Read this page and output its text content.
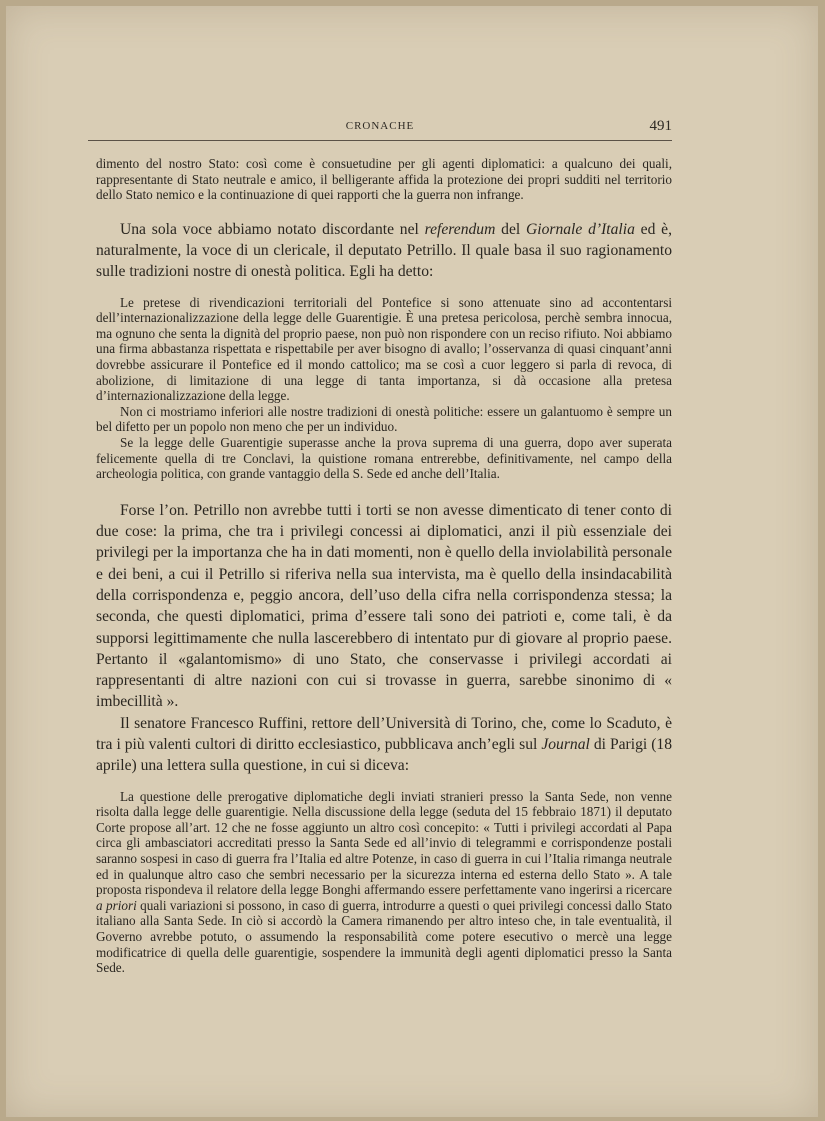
CRONACHE	491

dimento del nostro Stato: così come è consuetudine per gli agenti diplomatici: a qualcuno dei quali, rappresentante di Stato neutrale e amico, il belligerante affida la protezione dei propri sudditi nel territorio dello Stato nemico e la continuazione di quei rapporti che la guerra non infrange.

Una sola voce abbiamo notato discordante nel referendum del Giornale d’Italia ed è, naturalmente, la voce di un clericale, il deputato Petrillo. Il quale basa il suo ragionamento sulle tradizioni nostre di onestà politica. Egli ha detto:

Le pretese di rivendicazioni territoriali del Pontefice si sono attenuate sino ad accontentarsi dell’internazionalizzazione della legge delle Guarentigie. È una pretesa pericolosa, perchè sembra innocua, ma ognuno che senta la dignità del proprio paese, non può non rispondere con un reciso rifiuto. Noi abbiamo una firma abbastanza rispettata e rispettabile per aver bisogno di avallo; l’osservanza di quasi cinquant’anni dovrebbe assicurare il Pontefice ed il mondo cattolico; ma se così a cuor leggero si parla di revoca, di abolizione, di limitazione di una legge di tanta importanza, si dà occasione alla pretesa d’internazionalizzazione della legge.

Non ci mostriamo inferiori alle nostre tradizioni di onestà politiche: essere un galantuomo è sempre un bel difetto per un popolo non meno che per un individuo.

Se la legge delle Guarentigie superasse anche la prova suprema di una guerra, dopo aver superata felicemente quella di tre Conclavi, la quistione romana entrerebbe, definitivamente, nel campo della archeologia politica, con grande vantaggio della S. Sede ed anche dell’Italia.

Forse l’on. Petrillo non avrebbe tutti i torti se non avesse dimenticato di tener conto di due cose: la prima, che tra i privilegi concessi ai diplomatici, anzi il più essenziale dei privilegi per la importanza che ha in dati momenti, non è quello della inviolabilità personale e dei beni, a cui il Petrillo si riferiva nella sua intervista, ma è quello della insindacabilità della corrispondenza e, peggio ancora, dell’uso della cifra nella corrispondenza stessa; la seconda, che questi diplomatici, prima d’essere tali sono dei patrioti e, come tali, è da supporsi legittimamente che nulla lascerebbero di intentato pur di giovare al proprio paese. Pertanto il «galantomismo» di uno Stato, che conservasse i privilegi accordati ai rappresentanti di altre nazioni con cui si trovasse in guerra, sarebbe sinonimo di « imbecillità ».

Il senatore Francesco Ruffini, rettore dell’Università di Torino, che, come lo Scaduto, è tra i più valenti cultori di diritto ecclesiastico, pubblicava anch’egli sul Journal di Parigi (18 aprile) una lettera sulla questione, in cui si diceva:

La questione delle prerogative diplomatiche degli inviati stranieri presso la Santa Sede, non venne risolta dalla legge delle guarentigie. Nella discussione della legge (seduta del 15 febbraio 1871) il deputato Corte propose all’art. 12 che ne fosse aggiunto un altro così concepito: « Tutti i privilegi accordati al Papa circa gli ambasciatori accreditati presso la Santa Sede ed all’invio di telegrammi e corrispondenze postali saranno sospesi in caso di guerra fra l’Italia ed altre Potenze, in caso di guerra in cui l’Italia rimanga neutrale ed in qualunque altro caso che sembri necessario per la sicurezza interna ed esterna dello Stato ». A tale proposta rispondeva il relatore della legge Bonghi affermando essere perfettamente vano ingerirsi a ricercare a priori quali variazioni si possono, in caso di guerra, introdurre a questi o quei privilegi concessi dallo Stato italiano alla Santa Sede. In ciò si accordò la Camera rimanendo per altro inteso che, in tale eventualità, il Governo avrebbe potuto, o assumendo la responsabilità come potere esecutivo o mercè una legge modificatrice di quella delle guarentigie, sospendere la immunità degli agenti diplomatici presso la Santa Sede.
